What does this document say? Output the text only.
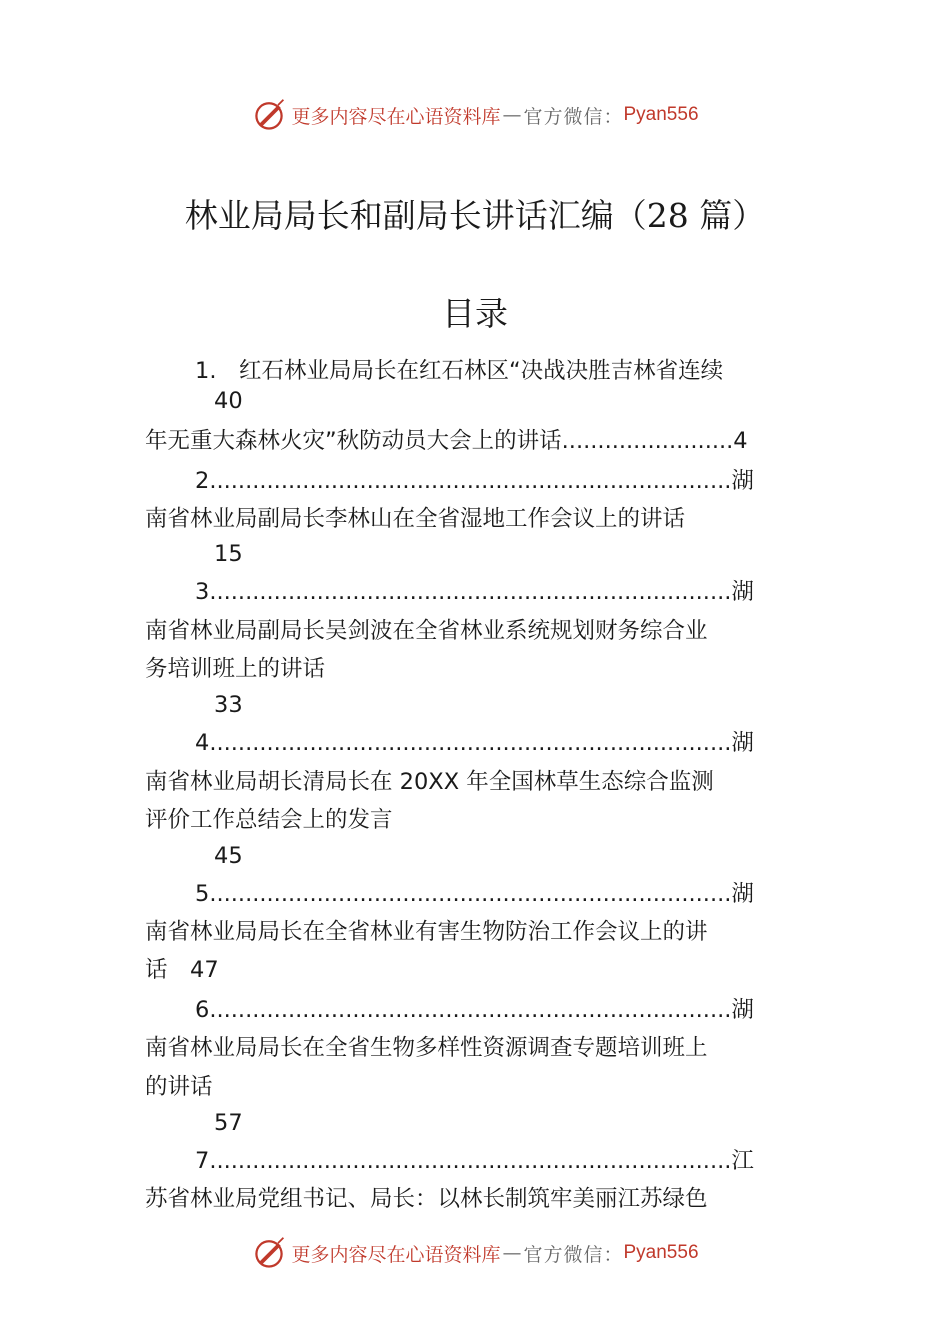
更多内容尽在心语资料库 — 官方微信： Pyan556
林业局局长和副局长讲话汇编（28 篇）
目录
1.　红石林业局局长在红石林区“决战决胜吉林省连续
40
年无重大森林火灾”秋防动员大会上的讲话........................4
2.........................................................................湖
南省林业局副局长李林山在全省湿地工作会议上的讲话
15
3.........................................................................湖
南省林业局副局长吴剑波在全省林业系统规划财务综合业
务培训班上的讲话
33
4.........................................................................湖
南省林业局胡长清局长在 20XX 年全国林草生态综合监测
评价工作总结会上的发言
45
5.........................................................................湖
南省林业局局长在全省林业有害生物防治工作会议上的讲
话　47
6.........................................................................湖
南省林业局局长在全省生物多样性资源调查专题培训班上
的讲话
57
7.........................................................................江
苏省林业局党组书记、局长：以林长制筑牢美丽江苏绿色
更多内容尽在心语资料库 — 官方微信： Pyan556
